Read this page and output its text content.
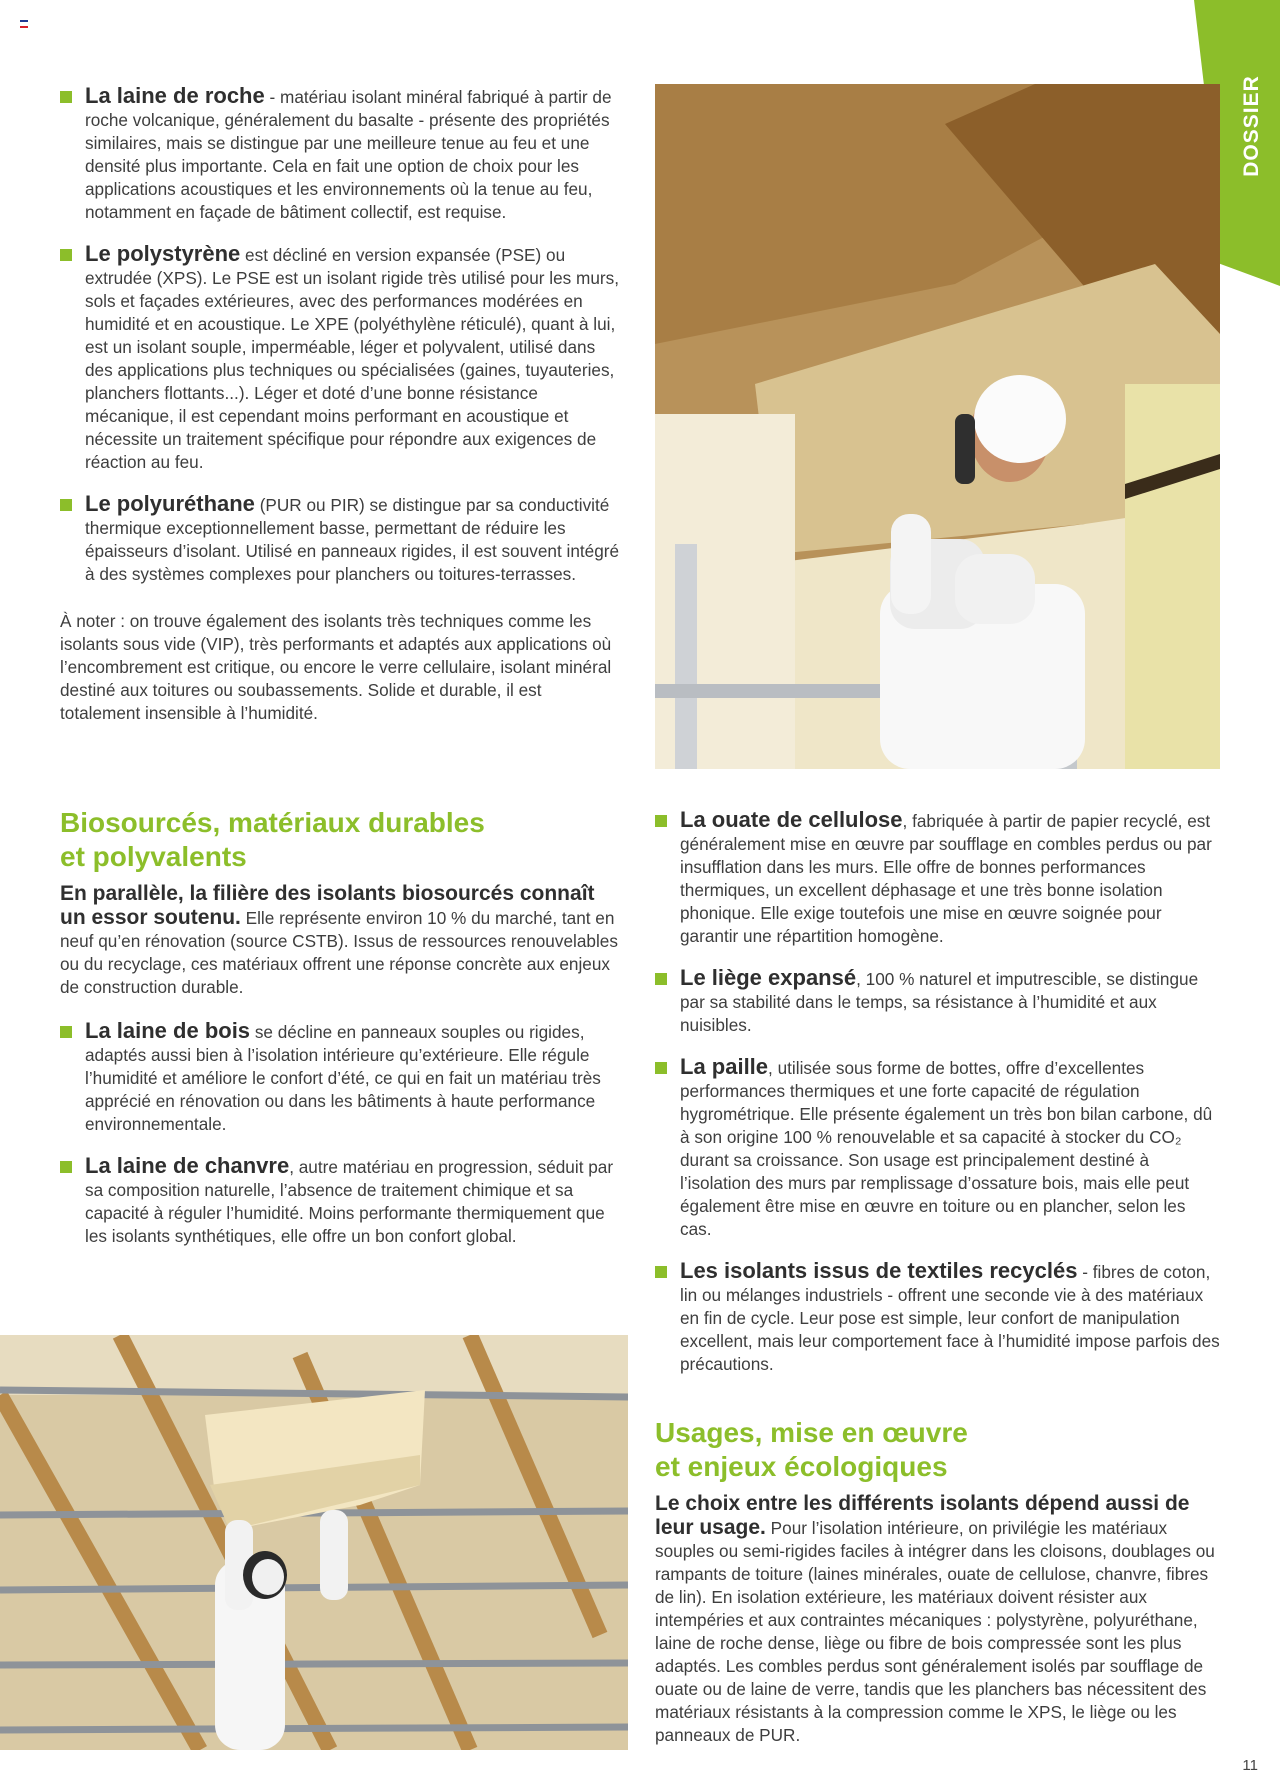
DOSSIER
La laine de roche - matériau isolant minéral fabriqué à partir de roche volcanique, généralement du basalte - présente des propriétés similaires, mais se distingue par une meilleure tenue au feu et une densité plus importante. Cela en fait une option de choix pour les applications acoustiques et les environnements où la tenue au feu, notamment en façade de bâtiment collectif, est requise.
Le polystyrène est décliné en version expansée (PSE) ou extrudée (XPS). Le PSE est un isolant rigide très utilisé pour les murs, sols et façades extérieures, avec des performances modérées en humidité et en acoustique. Le XPE (polyéthylène réticulé), quant à lui, est un isolant souple, imperméable, léger et polyvalent, utilisé dans des applications plus techniques ou spécialisées (gaines, tuyauteries, planchers flottants...). Léger et doté d’une bonne résistance mécanique, il est cependant moins performant en acoustique et nécessite un traitement spécifique pour répondre aux exigences de réaction au feu.
Le polyuréthane (PUR ou PIR) se distingue par sa conductivité thermique exceptionnellement basse, permettant de réduire les épaisseurs d’isolant. Utilisé en panneaux rigides, il est souvent intégré à des systèmes complexes pour planchers ou toitures-terrasses.

À noter : on trouve également des isolants très techniques comme les isolants sous vide (VIP), très performants et adaptés aux applications où l’encombrement est critique, ou encore le verre cellulaire, isolant minéral destiné aux toitures ou soubassements. Solide et durable, il est totalement insensible à l’humidité.

Biosourcés, matériaux durables
et polyvalents

En parallèle, la filière des isolants biosourcés connaît un essor soutenu. Elle représente environ 10 % du marché, tant en neuf qu’en rénovation (source CSTB). Issus de ressources renouvelables ou du recyclage, ces matériaux offrent une réponse concrète aux enjeux de construction durable.

La laine de bois se décline en panneaux souples ou rigides, adaptés aussi bien à l’isolation intérieure qu’extérieure. Elle régule l’humidité et améliore le confort d’été, ce qui en fait un matériau très apprécié en rénovation ou dans les bâtiments à haute performance environnementale.
La laine de chanvre, autre matériau en progression, séduit par sa composition naturelle, l’absence de traitement chimique et sa capacité à réguler l’humidité. Moins performante thermiquement que les isolants synthétiques, elle offre un bon confort global.
La ouate de cellulose, fabriquée à partir de papier recyclé, est généralement mise en œuvre par soufflage en combles perdus ou par insufflation dans les murs. Elle offre de bonnes performances thermiques, un excellent déphasage et une très bonne isolation phonique. Elle exige toutefois une mise en œuvre soignée pour garantir une répartition homogène.
Le liège expansé, 100 % naturel et imputrescible, se distingue par sa stabilité dans le temps, sa résistance à l’humidité et aux nuisibles.
La paille, utilisée sous forme de bottes, offre d’excellentes performances thermiques et une forte capacité de régulation hygrométrique. Elle présente également un très bon bilan carbone, dû à son origine 100 % renouvelable et sa capacité à stocker du CO₂ durant sa croissance. Son usage est principalement destiné à l’isolation des murs par remplissage d’ossature bois, mais elle peut également être mise en œuvre en toiture ou en plancher, selon les cas.
Les isolants issus de textiles recyclés - fibres de coton, lin ou mélanges industriels - offrent une seconde vie à des matériaux en fin de cycle. Leur pose est simple, leur confort de manipulation excellent, mais leur comportement face à l’humidité impose parfois des précautions.
Usages, mise en œuvre
et enjeux écologiques

Le choix entre les différents isolants dépend aussi de leur usage. Pour l’isolation intérieure, on privilégie les matériaux souples ou semi-rigides faciles à intégrer dans les cloisons, doublages ou rampants de toiture (laines minérales, ouate de cellulose, chanvre, fibres de lin). En isolation extérieure, les matériaux doivent résister aux intempéries et aux contraintes mécaniques : polystyrène, polyuréthane, laine de roche dense, liège ou fibre de bois compressée sont les plus adaptés. Les combles perdus sont généralement isolés par soufflage de ouate ou de laine de verre, tandis que les planchers bas nécessitent des matériaux résistants à la compression comme le XPS, le liège ou les panneaux de PUR.

11
